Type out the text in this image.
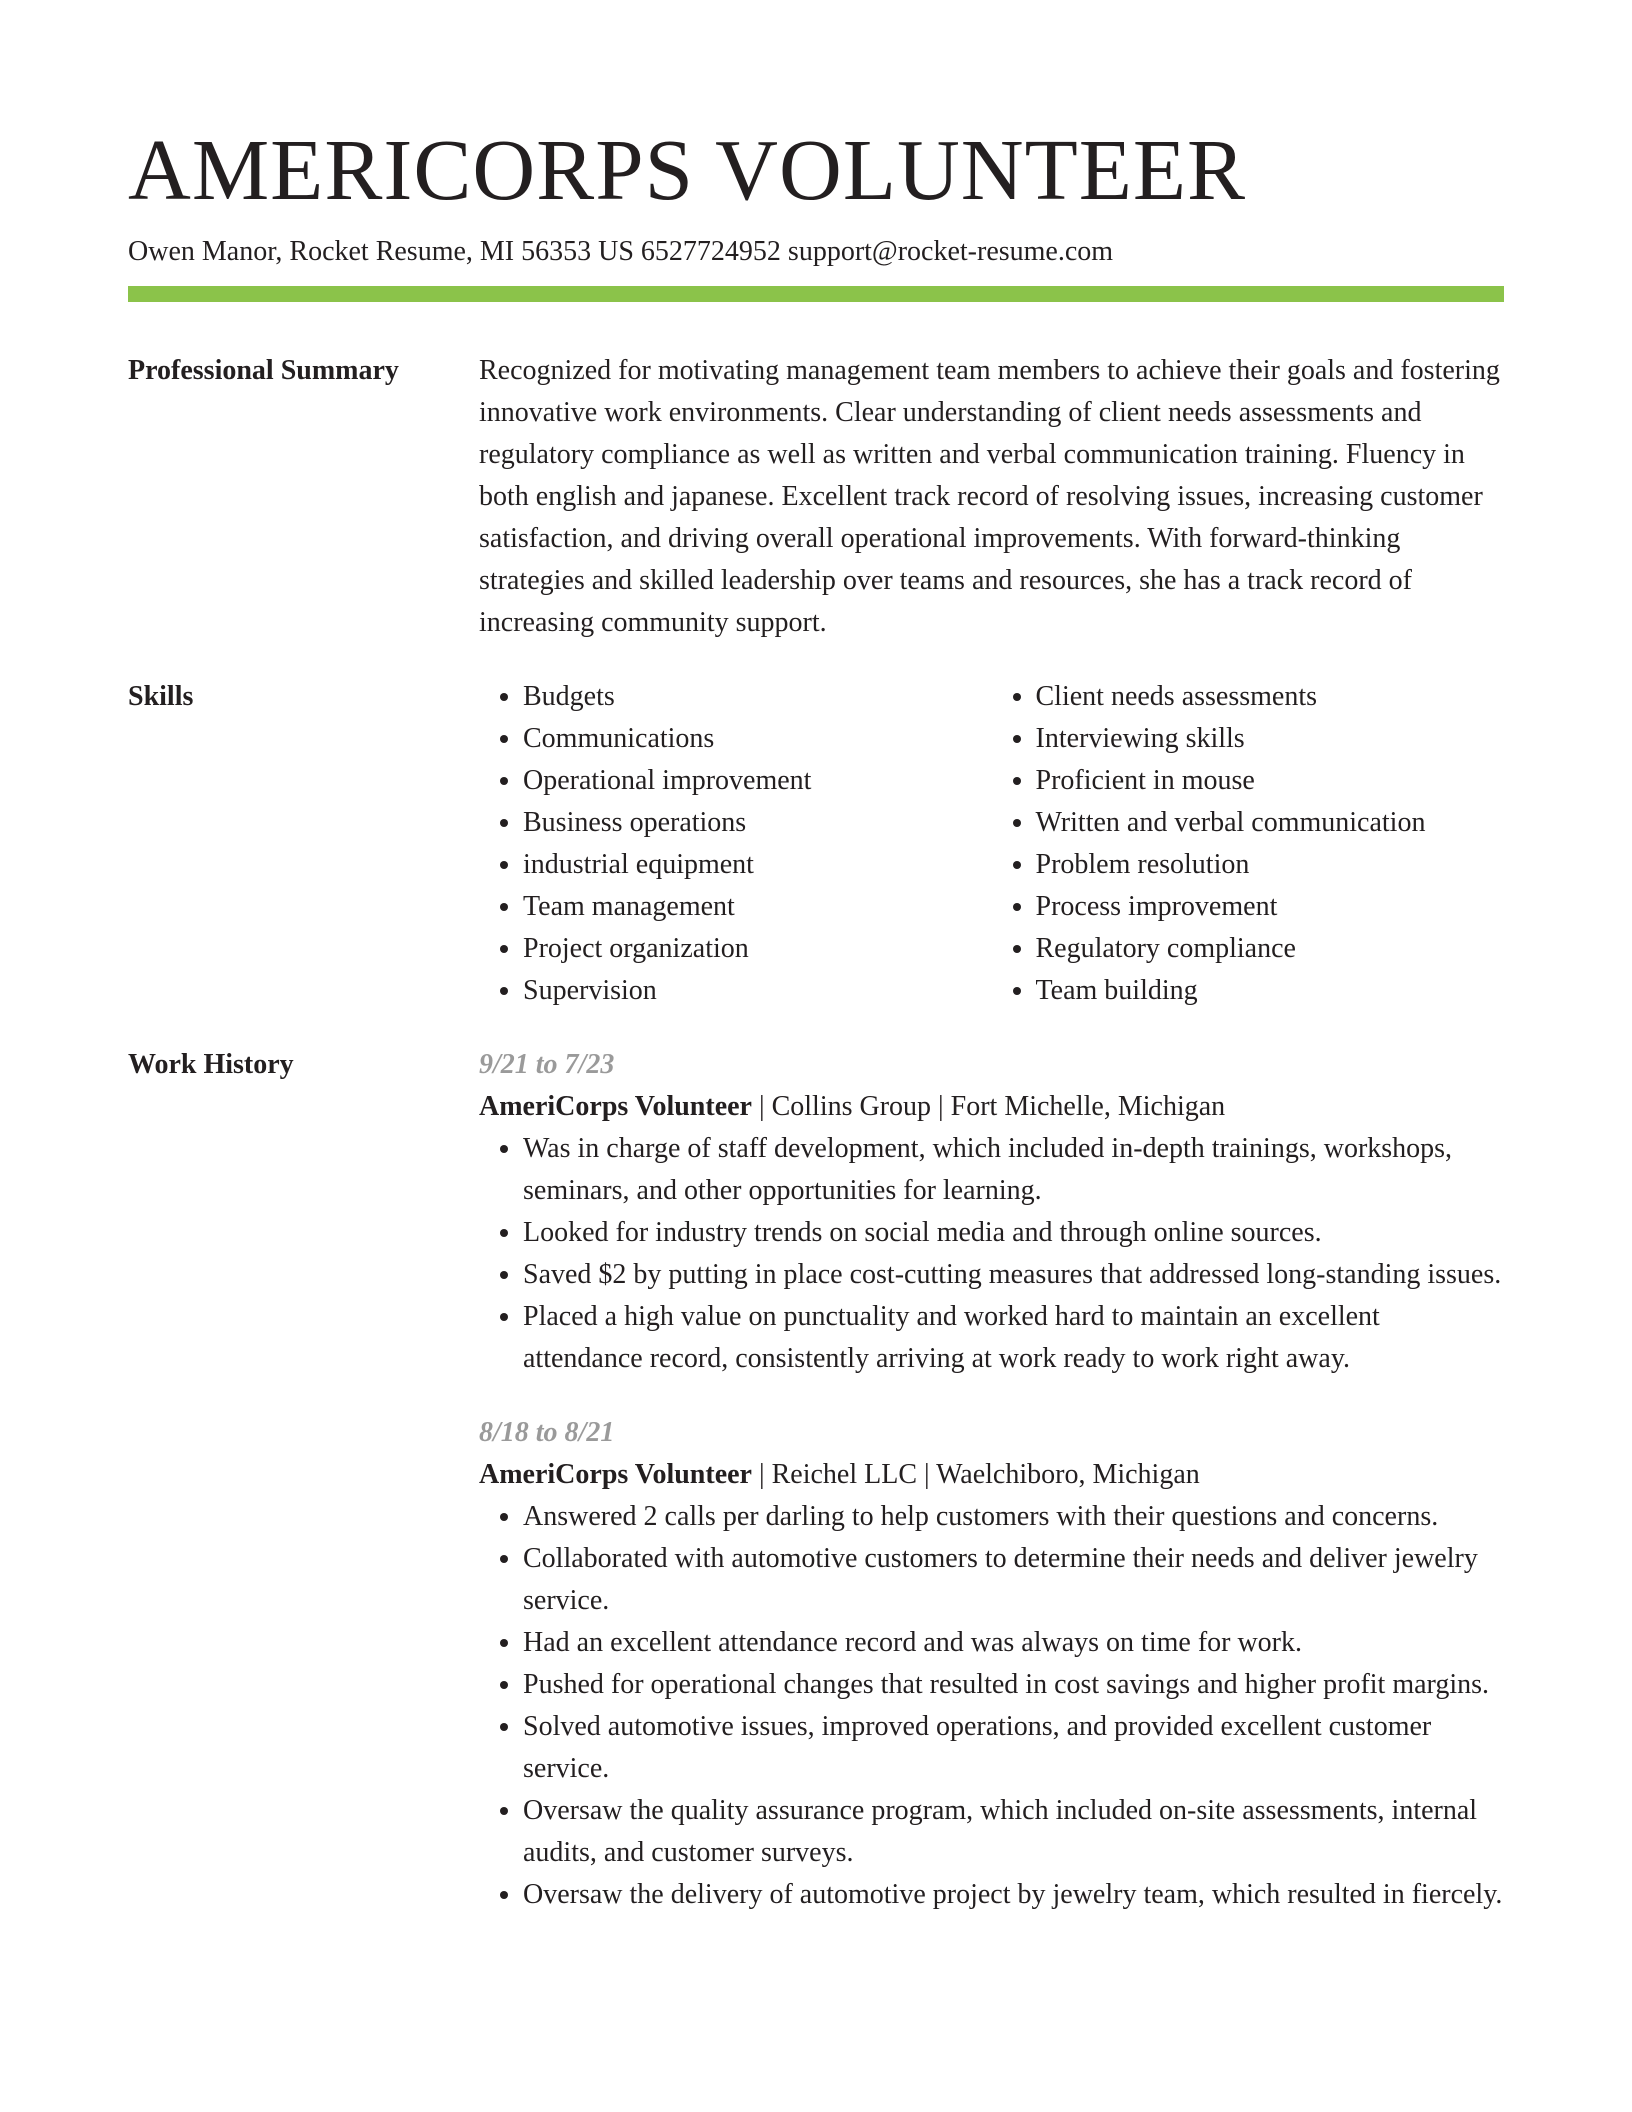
AMERICORPS VOLUNTEER
Owen Manor, Rocket Resume, MI 56353 US 6527724952 support@rocket-resume.com
Professional Summary	Recognized for motivating management team members to achieve their goals and fostering innovative work environments. Clear understanding of client needs assessments and regulatory compliance as well as written and verbal communication training. Fluency in both english and japanese. Excellent track record of resolving issues, increasing customer satisfaction, and driving overall operational improvements. With forward-thinking strategies and skilled leadership over teams and resources, she has a track record of increasing community support.
Skills
•	Budgets
• Communications
• Operational improvement
• Business operations
• industrial equipment
• Team management
• Project organization
• Supervision
• Client needs assessments
• Interviewing skills
• Proficient in mouse
• Written and verbal communication
• Problem resolution
• Process improvement
• Regulatory compliance
• Team building
Work History	9/21 to 7/23
AmeriCorps Volunteer | Collins Group | Fort Michelle, Michigan
• Was in charge of staff development, which included in-depth trainings, workshops, seminars, and other opportunities for learning.
• Looked for industry trends on social media and through online sources.
• Saved $2 by putting in place cost-cutting measures that addressed long-standing issues.
• Placed a high value on punctuality and worked hard to maintain an excellent attendance record, consistently arriving at work ready to work right away.
8/18 to 8/21
AmeriCorps Volunteer | Reichel LLC | Waelchiboro, Michigan
• Answered 2 calls per darling to help customers with their questions and concerns.
• Collaborated with automotive customers to determine their needs and deliver jewelry service.
• Had an excellent attendance record and was always on time for work.
• Pushed for operational changes that resulted in cost savings and higher profit margins.
• Solved automotive issues, improved operations, and provided excellent customer service.
• Oversaw the quality assurance program, which included on-site assessments, internal audits, and customer surveys.
• Oversaw the delivery of automotive project by jewelry team, which resulted in fiercely.
